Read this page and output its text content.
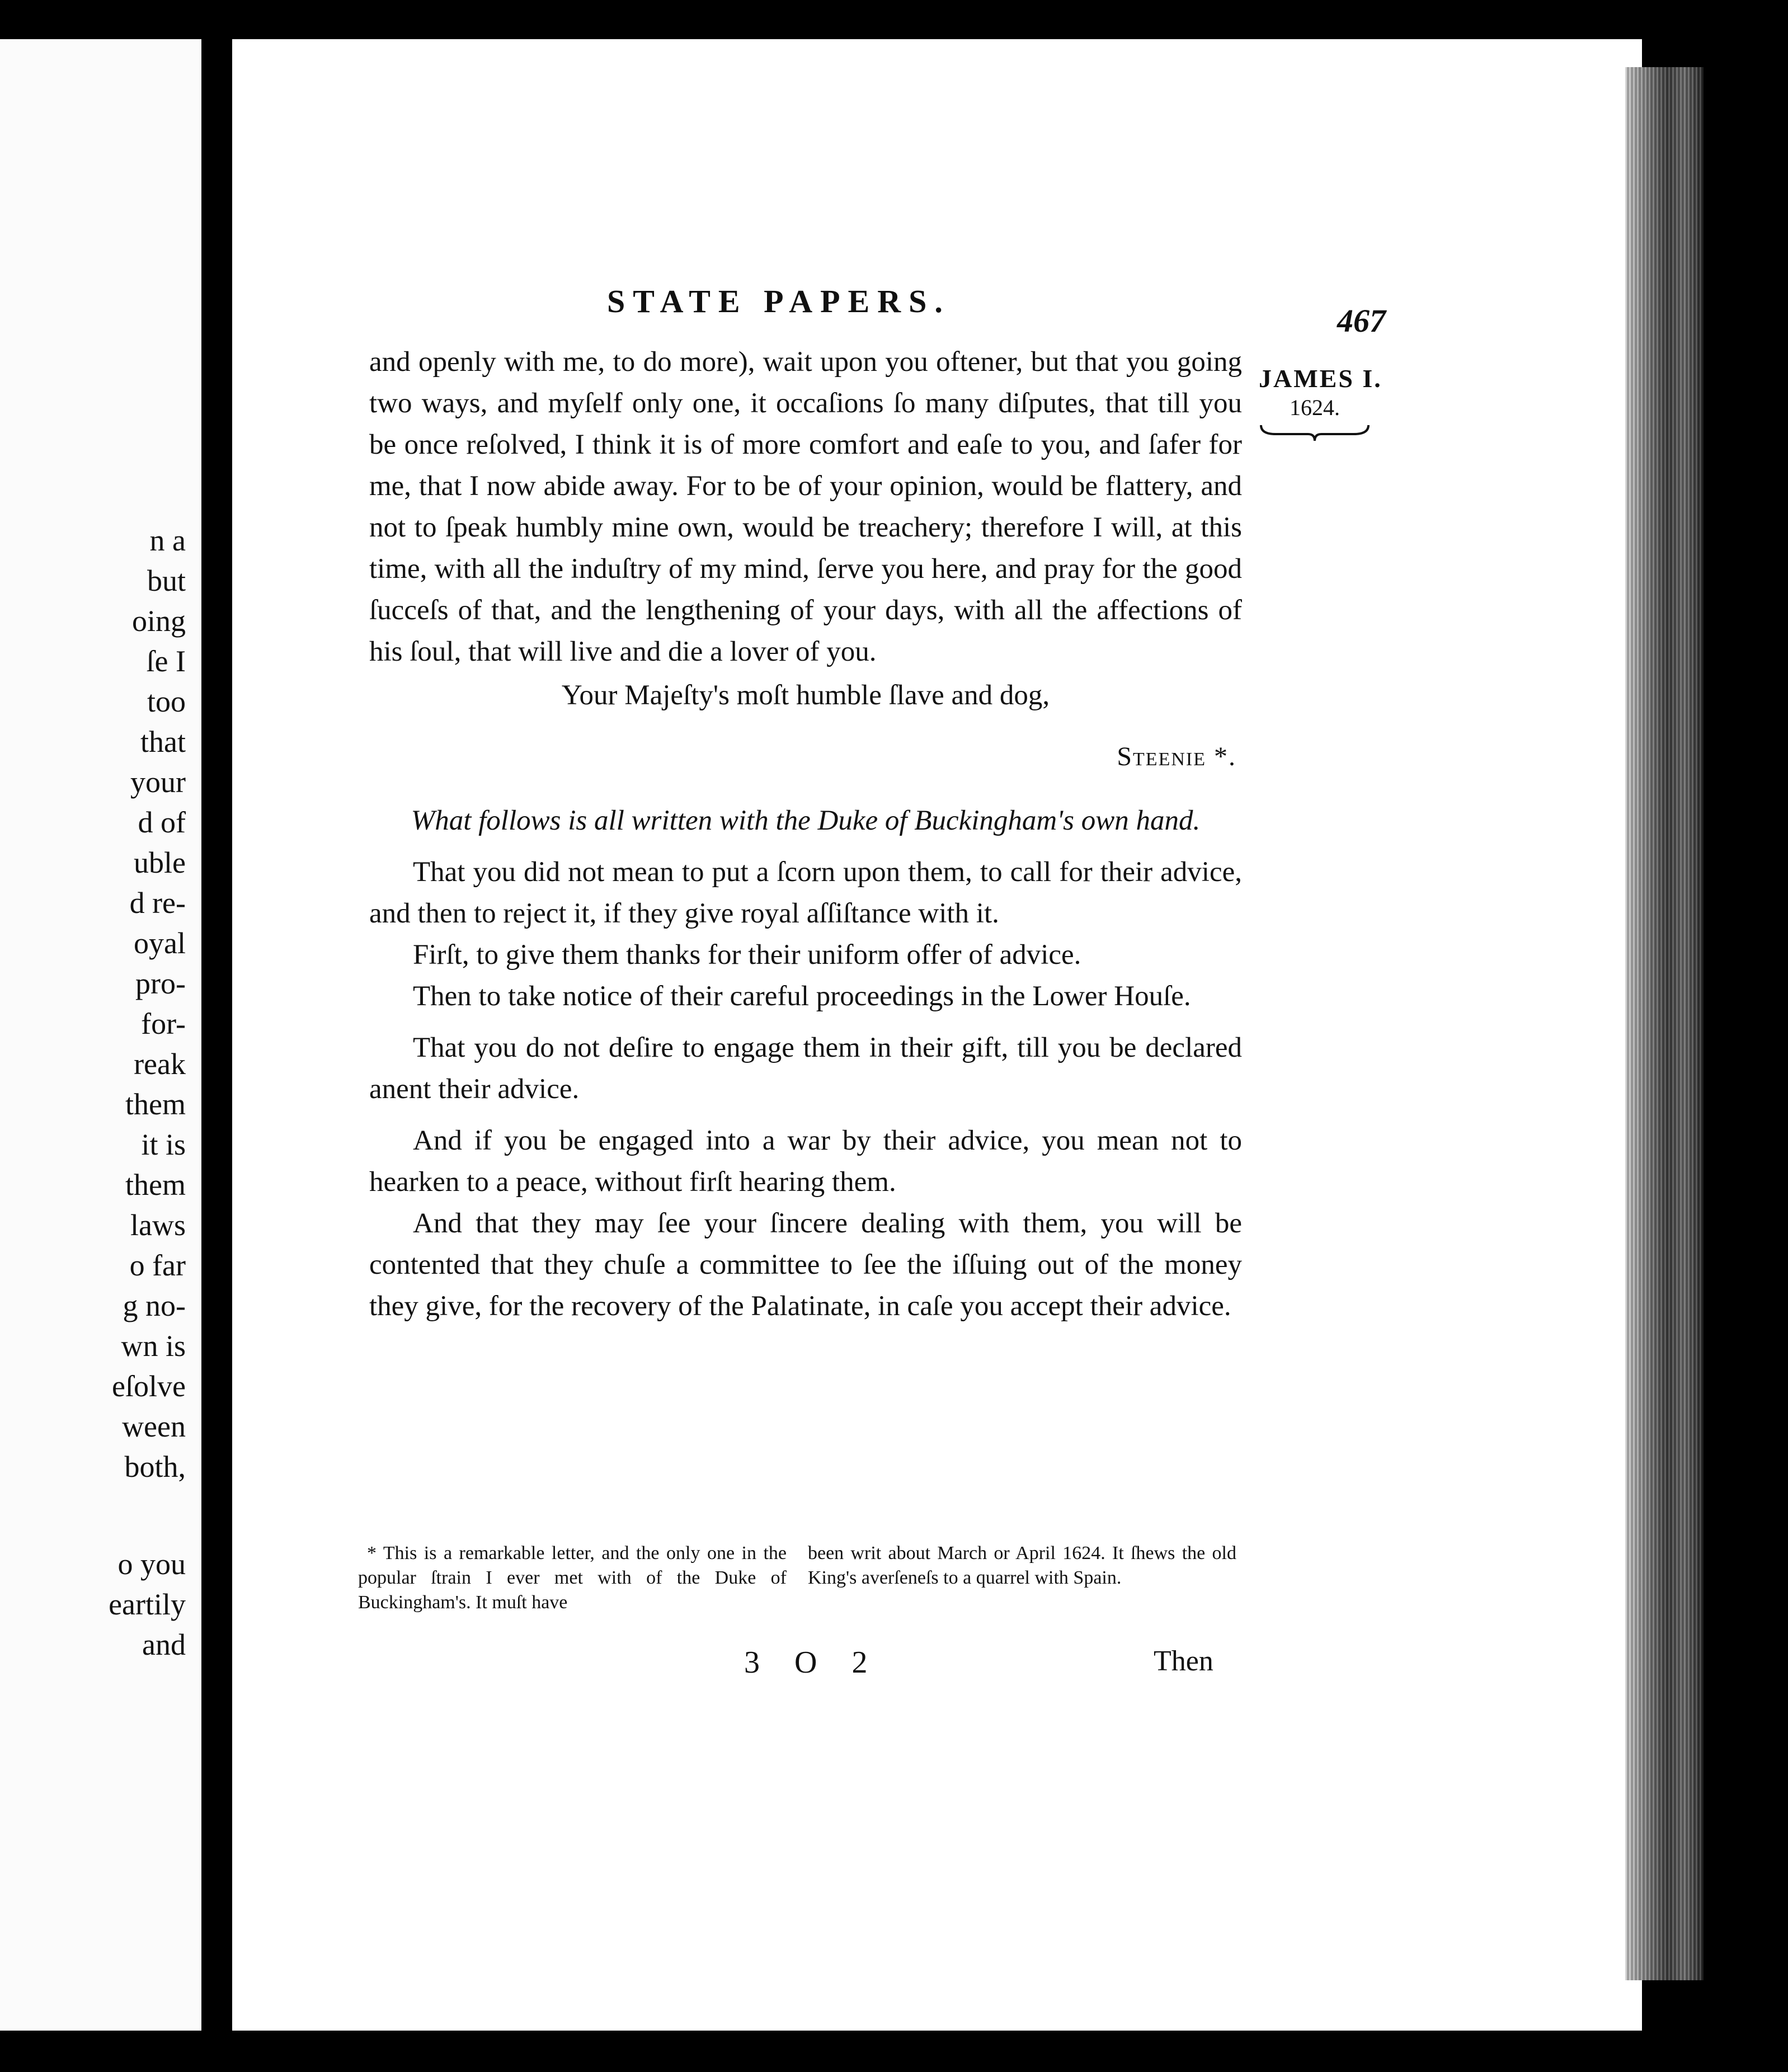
n a
but
oing
ſe I
too
that
your
d of
uble
d re-
oyal
pro-
for-
reak
them
it is
them
laws
o far
g no-
wn is
eſolve
ween
both,
o you
eartily
and
STATE PAPERS.
467
JAMES I.
1624.

and openly with me, to do more), wait upon you oftener, but that you going two ways, and myſelf only one, it occaſions ſo many diſputes, that till you be once reſolved, I think it is of more comfort and eaſe to you, and ſafer for me, that I now abide away. For to be of your opinion, would be flattery, and not to ſpeak humbly mine own, would be treachery; therefore I will, at this time, with all the induſtry of my mind, ſerve you here, and pray for the good ſucceſs of that, and the lengthening of your days, with all the affections of his ſoul, that will live and die a lover of you.

Your Majeſty's moſt humble ſlave and dog,

Steenie *.

What follows is all written with the Duke of Buckingham's own hand.

That you did not mean to put a ſcorn upon them, to call for their advice, and then to reject it, if they give royal aſſiſtance with it.

Firſt, to give them thanks for their uniform offer of advice.

Then to take notice of their careful proceedings in the Lower Houſe.

That you do not deſire to engage them in their gift, till you be declared anent their advice.

And if you be engaged into a war by their advice, you mean not to hearken to a peace, without firſt hearing them.

And that they may ſee your ſincere dealing with them, you will be contented that they chuſe a committee to ſee the iſſuing out of the money they give, for the recovery of the Palatinate, in caſe you accept their advice.

* This is a remarkable letter, and the only one in the popular ſtrain I ever met with of the Duke of Buckingham's. It muſt have
been writ about March or April 1624. It ſhews the old King's averſeneſs to a quarrel with Spain.
3 O 2	Then
